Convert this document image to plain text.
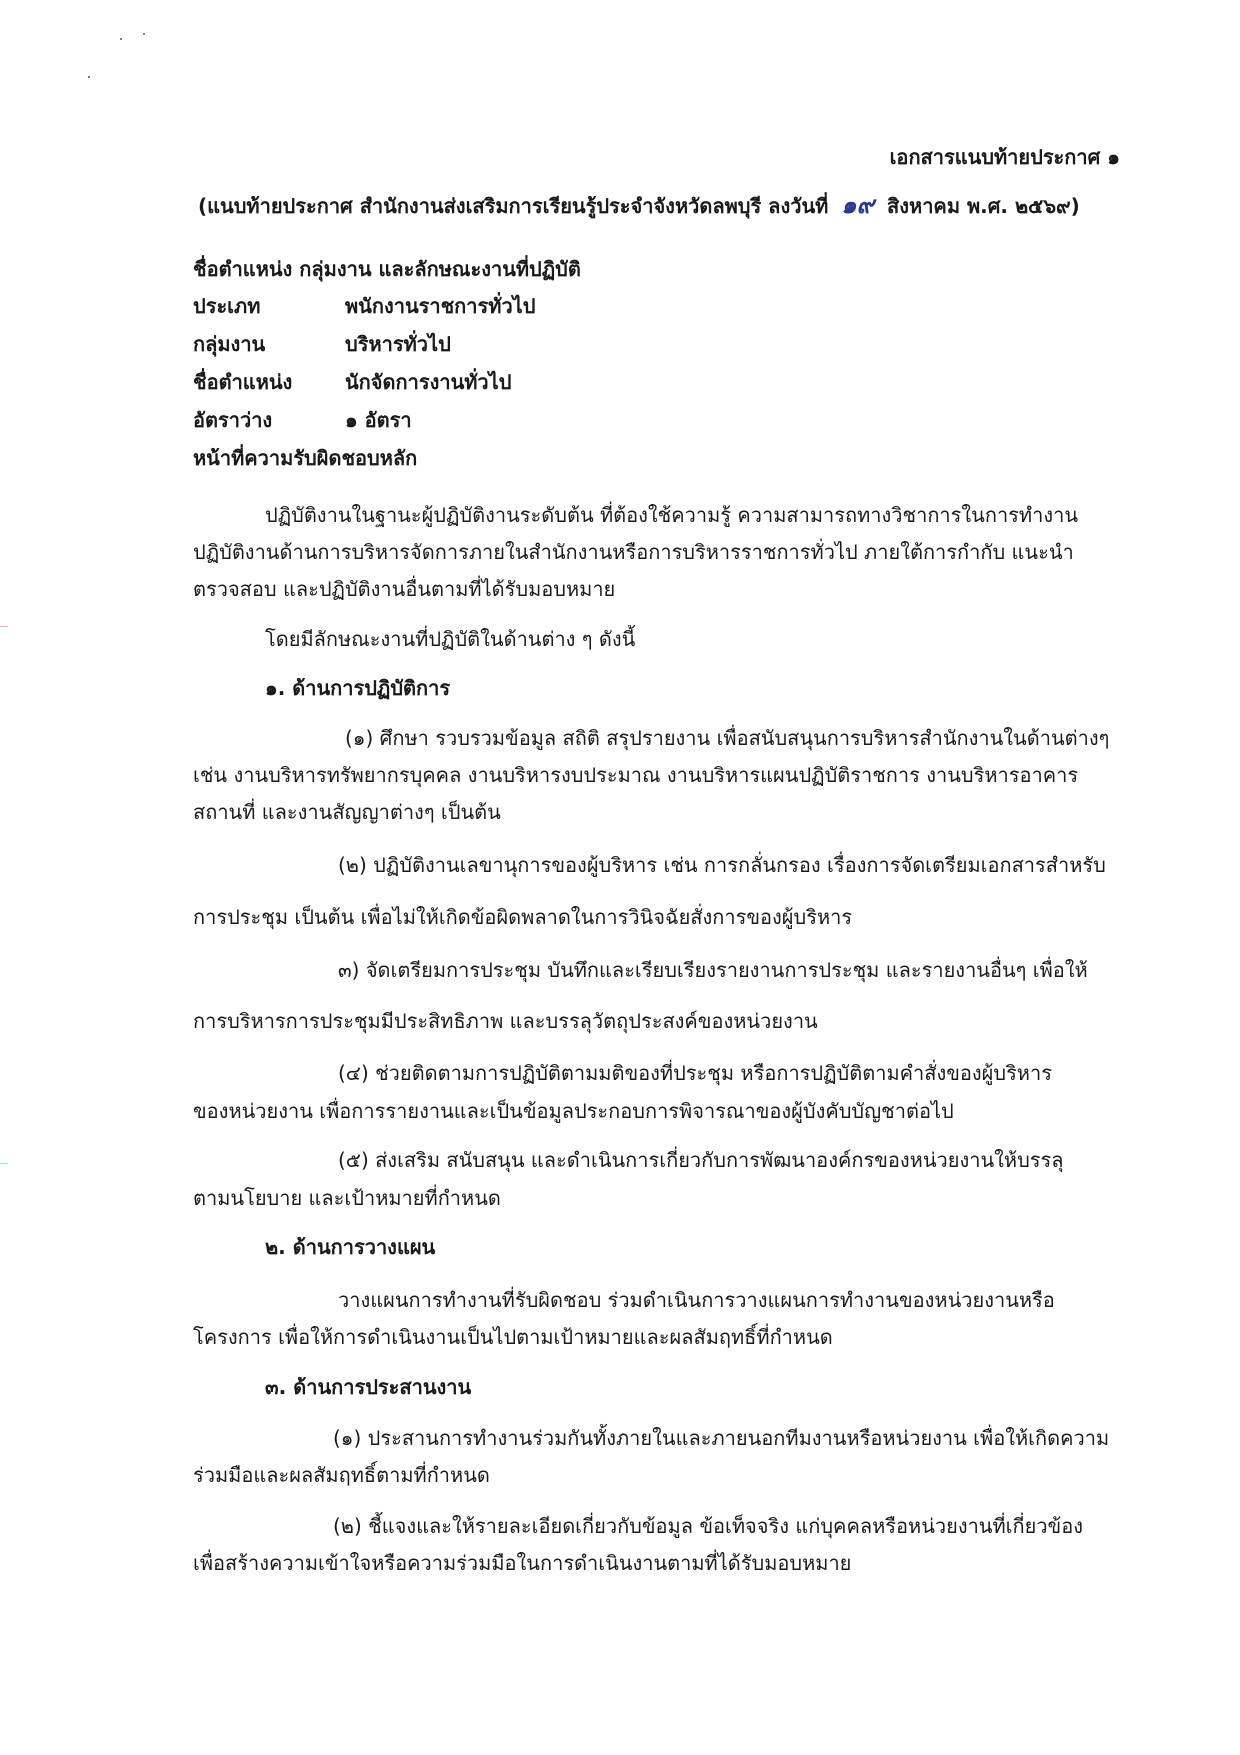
เอกสารแนบท้ายประกาศ ๑
(แนบท้ายประกาศ สำนักงานส่งเสริมการเรียนรู้ประจำจังหวัดลพบุรี ลงวันที่ ๑๙ สิงหาคม พ.ศ. ๒๕๖๙)
ชื่อตำแหน่ง กลุ่มงาน และลักษณะงานที่ปฏิบัติ
ประเภท	พนักงานราชการทั่วไป
กลุ่มงาน	บริหารทั่วไป
ชื่อตำแหน่ง	นักจัดการงานทั่วไป
อัตราว่าง	๑ อัตรา
หน้าที่ความรับผิดชอบหลัก
ปฏิบัติงานในฐานะผู้ปฏิบัติงานระดับต้น ที่ต้องใช้ความรู้ ความสามารถทางวิชาการในการทำงาน
ปฏิบัติงานด้านการบริหารจัดการภายในสำนักงานหรือการบริหารราชการทั่วไป ภายใต้การกำกับ แนะนำ
ตรวจสอบ และปฏิบัติงานอื่นตามที่ได้รับมอบหมาย
โดยมีลักษณะงานที่ปฏิบัติในด้านต่าง ๆ ดังนี้
๑. ด้านการปฏิบัติการ
(๑) ศึกษา รวบรวมข้อมูล สถิติ สรุปรายงาน เพื่อสนับสนุนการบริหารสำนักงานในด้านต่างๆ
เช่น งานบริหารทรัพยากรบุคคล งานบริหารงบประมาณ งานบริหารแผนปฏิบัติราชการ งานบริหารอาคาร
สถานที่ และงานสัญญาต่างๆ เป็นต้น
(๒) ปฏิบัติงานเลขานุการของผู้บริหาร เช่น การกลั่นกรอง เรื่องการจัดเตรียมเอกสารสำหรับ
การประชุม เป็นต้น เพื่อไม่ให้เกิดข้อผิดพลาดในการวินิจฉัยสั่งการของผู้บริหาร
๓) จัดเตรียมการประชุม บันทึกและเรียบเรียงรายงานการประชุม และรายงานอื่นๆ เพื่อให้
การบริหารการประชุมมีประสิทธิภาพ และบรรลุวัตถุประสงค์ของหน่วยงาน
(๔) ช่วยติดตามการปฏิบัติตามมติของที่ประชุม หรือการปฏิบัติตามคำสั่งของผู้บริหาร
ของหน่วยงาน เพื่อการรายงานและเป็นข้อมูลประกอบการพิจารณาของผู้บังคับบัญชาต่อไป
(๕) ส่งเสริม สนับสนุน และดำเนินการเกี่ยวกับการพัฒนาองค์กรของหน่วยงานให้บรรลุ
ตามนโยบาย และเป้าหมายที่กำหนด
๒. ด้านการวางแผน
วางแผนการทำงานที่รับผิดชอบ ร่วมดำเนินการวางแผนการทำงานของหน่วยงานหรือ
โครงการ เพื่อให้การดำเนินงานเป็นไปตามเป้าหมายและผลสัมฤทธิ์ที่กำหนด
๓. ด้านการประสานงาน
(๑) ประสานการทำงานร่วมกันทั้งภายในและภายนอกทีมงานหรือหน่วยงาน เพื่อให้เกิดความ
ร่วมมือและผลสัมฤทธิ์ตามที่กำหนด
(๒) ชี้แจงและให้รายละเอียดเกี่ยวกับข้อมูล ข้อเท็จจริง แก่บุคคลหรือหน่วยงานที่เกี่ยวข้อง
เพื่อสร้างความเข้าใจหรือความร่วมมือในการดำเนินงานตามที่ได้รับมอบหมาย
